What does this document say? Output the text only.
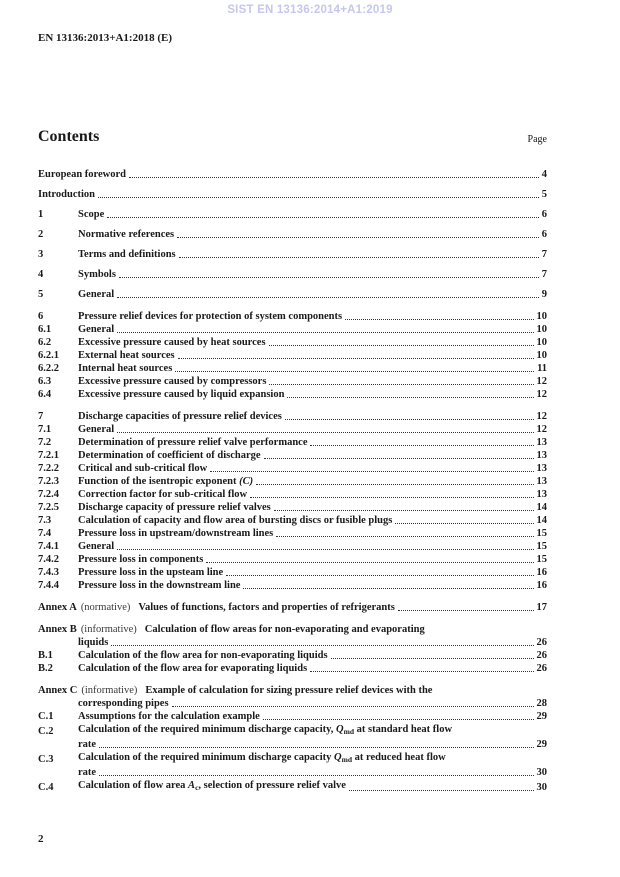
SIST EN 13136:2014+A1:2019
EN 13136:2013+A1:2018 (E)
Contents	Page
European foreword	4
Introduction	5
1	Scope	6
2	Normative references	6
3	Terms and definitions	7
4	Symbols	7
5	General	9
6	Pressure relief devices for protection of system components	10
6.1	General	10
6.2	Excessive pressure caused by heat sources	10
6.2.1	External heat sources	10
6.2.2	Internal heat sources	11
6.3	Excessive pressure caused by compressors	12
6.4	Excessive pressure caused by liquid expansion	12
7	Discharge capacities of pressure relief devices	12
7.1	General	12
7.2	Determination of pressure relief valve performance	13
7.2.1	Determination of coefficient of discharge	13
7.2.2	Critical and sub-critical flow	13
7.2.3	Function of the isentropic exponent (C)	13
7.2.4	Correction factor for sub-critical flow	13
7.2.5	Discharge capacity of pressure relief valves	14
7.3	Calculation of capacity and flow area of bursting discs or fusible plugs	14
7.4	Pressure loss in upstream/downstream lines	15
7.4.1	General	15
7.4.2	Pressure loss in components	15
7.4.3	Pressure loss in the upsteam line	16
7.4.4	Pressure loss in the downstream line	16
Annex A (normative) Values of functions, factors and properties of refrigerants	17
Annex B (informative) Calculation of flow areas for non-evaporating and evaporating
liquids	26
B.1	Calculation of the flow area for non-evaporating liquids	26
B.2	Calculation of the flow area for evaporating liquids	26
Annex C (informative) Example of calculation for sizing pressure relief devices with the
corresponding pipes	28
C.1	Assumptions for the calculation example	29
C.2	Calculation of the required minimum discharge capacity, $Q_{md}$ at standard heat flow
rate	29
C.3	Calculation of the required minimum discharge capacity $Q_{md}$ at reduced heat flow
rate	30
C.4	Calculation of flow area $A_c$, selection of pressure relief valve	30
2
